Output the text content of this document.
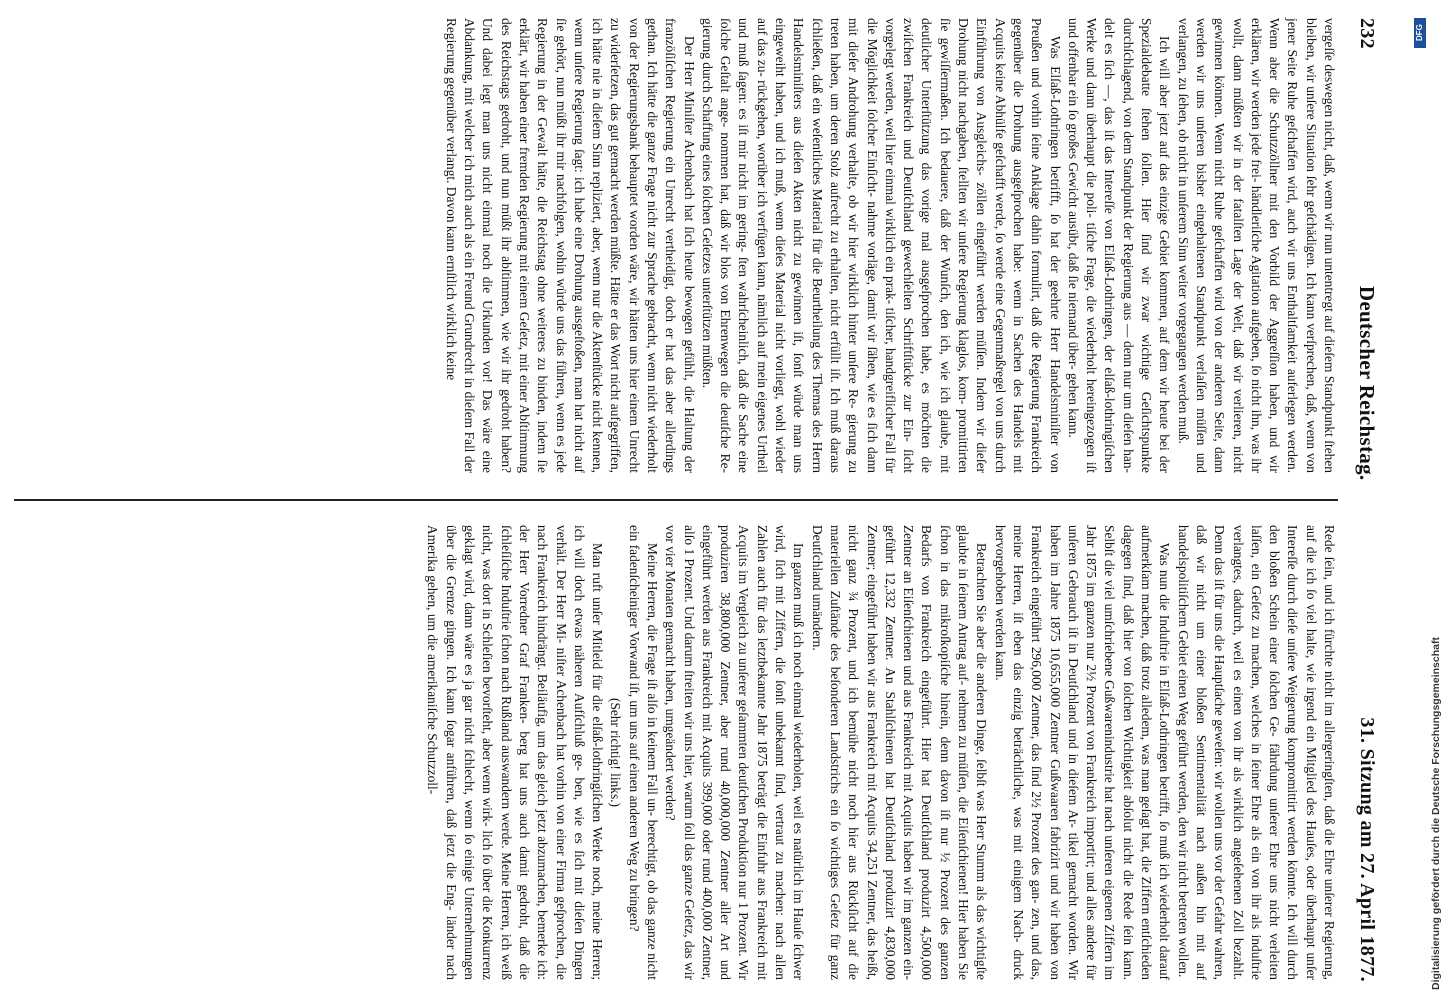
232
Deutscher Reichstag.
31. Sitzung am 27. April 1877.

vergeſſe deswegen nicht, daß, wenn wir nun untentregt auf dieſem Standpunkt ſtehen bleiben, wir unſere Situation ſehr geſchädigen. Ich kann verſprechen, daß, wenn von jener Seite Ruhe geſchaffen wird, auch wir uns Enthaltſamkeit auferlegen werden. Wenn aber die Schutzzöllner mit den Vorbild der Aggreſſion haben, und wir erklären, wir werden jede frei- händleriſche Agitation aufgeben, ſo nicht ihn, was ihr wollt, dann müßten wir in der fatalſten Lage der Welt, daß wir verlieren, nicht gewinnen können. Wenn nicht Ruhe geſchaffen wird von der anderen Seite, dann werden wir uns unſeren bisher eingehaltenen Standpunkt verlaſſen müſſen und verlangen, zu ſehen, ob nicht in unſerem Sinn weiter vorgegangen werden muß.

Ich will aber jetzt auf das einzige Gebiet kommen, auf dem wir heute bei der Spezialdebatte ſtehen ſollen. Hier ſind wir zwar wichtige Geſichtspunkte durchſchlagend, von dem Standpunkt der Regierung aus — denn nur um dieſen han- delt es ſich —, das iſt das Intereſſe von Elſaß-Lothringen, der elſaß-lothringiſchen Werke und dann überhaupt die poli- tiſche Frage, die wiederholt hereingezogen iſt und offenbar ein ſo großes Gewicht ausübt, daß ſie niemand über- gehen kann.

Was Elſaß-Lothringen betrifft, ſo hat der geehrte Herr Handelsminiſter von Preußen und vorhin ſeine Anklage dahin formulirt, daß die Regierung Frankreich gegenüber die Drohung ausgeſprochen habe: wenn in Sachen des Handels mit Acquits keine Abhülfe geſchafft werde, ſo werde eine Gegenmaßregel von uns durch Einführung von Ausgleichs- zöllen eingeführt werden müſſen. Indem wir dieſer Drohung nicht nachgaben, ſtellten wir unſere Regierung klaglos, kom- promittirten ſie gewiſſermaßen. Ich bedauere, daß der Wunſch, den ich, wie ich glaube, mit deutlicher Unterſtützung das vorige mal ausgeſprochen habe, es möchten die zwiſchen Frankreich und Deutſchland gewechſelten Schriftſtücke zur Ein- ſicht vorgelegt werden, weil hier einmal wirklich ein prak- tiſcher, handgreiflicher Fall für die Möglichkeit ſolcher Einſicht- nahme vorläge, damit wir ſähen, wie es ſich dann mit dieſer Androhung verhalte, ob wir hier wirklich hinter unſere Re- gierung zu treten haben, um deren Stolz aufrecht zu erhalten, nicht erfüllt iſt. Ich muß daraus ſchließen, daß ein weſentliches Material für die Beurtheilung des Themas des Herrn Handelsminiſters aus dieſen Akten nicht zu gewinnen iſt, ſonſt würde man uns eingeweiht haben, und ich muß, wenn dieſes Material nicht vorliegt, wohl wieder auf das zu- rückgehen, worüber ich verfügen kann, nämlich auf mein eigenes Urtheil und muß ſagen: es iſt mir nicht im gering- ſten wahrſcheinlich, daß die Sache eine ſolche Geſtalt ange- nommen hat, daß wir blos von Ehrenwegen die deutſche Re- gierung durch Schaffung eines ſolchen Geſetzes unterſtützen müßten.

Der Herr Miniſter Achenbach hat ſich heute bewogen gefühlt, die Haltung der franzöſiſchen Regierung ein Unrecht vertheidigt, doch er hat das aber allerdings gethan. Ich hätte die ganze Frage nicht zur Sprache gebracht, wenn nicht wiederholt von der Regierungsbank behauptet worden wäre, wir hätten uns hier einem Unrecht zu widerſetzen, das gut gemacht werden müßte. Hätte er das Wort nicht aufgegriffen, ich hätte nie in dieſem Sinn repliziert, aber, wenn nur die Aktenſtücke nicht kennen, wenn unſere Regierung ſagt: ich habe eine Drohung ausgeſtoßen, man hat nicht auf ſie gehört, nun müßt ihr mir nachfolgen, wohin würde uns das führen, wenn es jede Regierung in der Gewalt hätte, die Reichstag ohne weiteres zu binden, indem ſie erklärt, wir haben einer fremden Regierung mit einem Geſetz, mit einer Abſtimmung des Reichstags gedroht, und nun müßt ihr abſtimmen, wie wir ihr gedroht haben? Und dabei legt man uns nicht einmal noch die Urkunden vor! Das wäre eine Abdankung, mit welcher ich mich auch als ein Freund Grundrecht in dieſem Fall der Regierung gegenüber verlangt. Davon kann ernſtlich wirklich keine

Rede ſein, und ich fürchte nicht im allergeringſten, daß die Ehre unſerer Regierung, auf die ich ſo viel halte, wie irgend ein Mitglied des Hauſes, oder überhaupt unſer Intereſſe durch dieſe unſere Weigerung kompromittirt werden könnte. Ich will durch den bloßen Schein einer ſolchen Ge- fährdung unſerer Ehre uns nicht verleiten laſſen, ein Geſetz zu machen, welches in ſeiner Ehre als ein von ihr als induſtrie verlangtes, dadurch, weil es einen von ihr als wirklich angeſehenen Zoll bezahlt. Denn das iſt für uns die Hauptſache geweſen: wir wollen uns vor der Gefahr wahren, daß wir nicht um einer bloßen Sentimentalität nach außen hin mit auf handelspolitiſchem Gebiet einen Weg geführt werden, den wir nicht betreten wollen.

Was nun die Induſtrie in Elſaß-Lothringen betrifft, ſo muß ich wiederholt darauf aufmerkſam machen, daß trotz alledem, was man geſagt hat, die Ziffern entſchieden dagegen ſind, daß hier von ſolchen Wichtigkeit abſolut nicht die Rede ſein kann. Selbſt die viel umſchriebene Gußwarenindustrie hat nach unſeren eigenen Ziffern im Jahr 1875 im ganzen nur 2½ Prozent von Frankreich importirt; und alles andere für unſeren Gebrauch iſt in Deutſchland und in dieſem Ar- tikel gemacht worden. Wir haben im Jahre 1875 10,655,000 Zentner Gußwaaren fabrizirt und wir haben von Frankreich eingeführt 296,000 Zentner, das ſind 2½ Prozent des gan- zen, und das, meine Herren, iſt eben das einzig beträchtliche, was mit einigem Nach- druck hervorgehoben werden kann.

Betrachten Sie aber die anderen Dinge, ſelbſt was Herr Stumm als das wichtigſte glaubte in ſeinem Antrag auf- nehmen zu müſſen, die Eiſenſchienen! Hier haben Sie ſchon in das mikroſkopiſche hinein, denn davon iſt nur ½ Prozent des ganzen Bedarfs von Frankreich eingeführt. Hier hat Deutſchland produzirt 4,500,000 Zentner an Eiſenſchienen und aus Frankreich mit Acquits haben wir im ganzen ein- geführt 12,332 Zentner. An Stahlſchienen hat Deutſchland produzirt 4,830,000 Zentner; eingeführt haben wir aus Frankreich mit Acquits 34,251 Zentner, das heißt, nicht ganz ¾ Prozent, und ich bemühe nicht noch hier aus Rückſicht auf die materiellen Zuſtände des beſonderen Landstrichs ein ſo wichtiges Geſetz für ganz Deutſchland umändern.

Im ganzen muß ich noch einmal wiederholen, weil es natürlich im Hauſe ſchwer wird, ſich mit Ziffern, die ſonſt unbekannt ſind, vertraut zu machen: nach allen Zahlen auch für das letztbekannte Jahr 1875 beträgt die Einfuhr aus Frankreich mit Acquits im Vergleich zu unſerer geſammten deutſchen Produktion nur 1 Prozent. Wir produziren 38,800,000 Zentner, aber rund 40,000,000 Zentner aller Art und eingeführt werden aus Frankreich mit Acquits 399,000 oder rund 400,000 Zentner, alſo 1 Prozent. Und darum ſtreiten wir uns hier, warum ſoll das ganze Geſetz, das wir vor vier Monaten gemacht haben, umgeändert werden?

Meine Herren, die Frage iſt alſo in keinem Fall un- berechtigt, ob das ganze nicht ein fadenſcheiniger Vorwand iſt, um uns auf einen anderen Weg zu bringen?

(Sehr richtig! links.)

Man ruft unſer Mitleid für die elſaß-lothringiſchen Werke noch, meine Herren; ich will doch etwas näheren Aufſchluß ge- ben, wie es ſich mit dieſen Dingen verhält. Der Herr Mi- niſter Achenbach hat vorhin von einer Firma geſprochen, die nach Frankreich hindrängt. Beiläufig, um das gleich jetzt abzumachen, bemerke ich: der Herr Vorredner Graf Franken- berg hat uns auch damit gedroht, daß die ſchleſiſche Induſtrie ſchon nach Rußland auswandern werde. Meine Herren, ich weiß nicht, was dort in Schleſien bevorſteht, aber wenn wirk- lich ſo über die Konkurrenz geklagt wird, dann wäre es ja gar nicht ſchlecht, wenn ſo einige Unternehmungen über die Grenze gingen. Ich kann ſogar anführen, daß jetzt die Eng- länder nach Amerika gehen, um die amerikaniſche Schutzzoll-	Digitalisierung gefördert durch die Deutsche Forschungsgemeinschaft
DFG
